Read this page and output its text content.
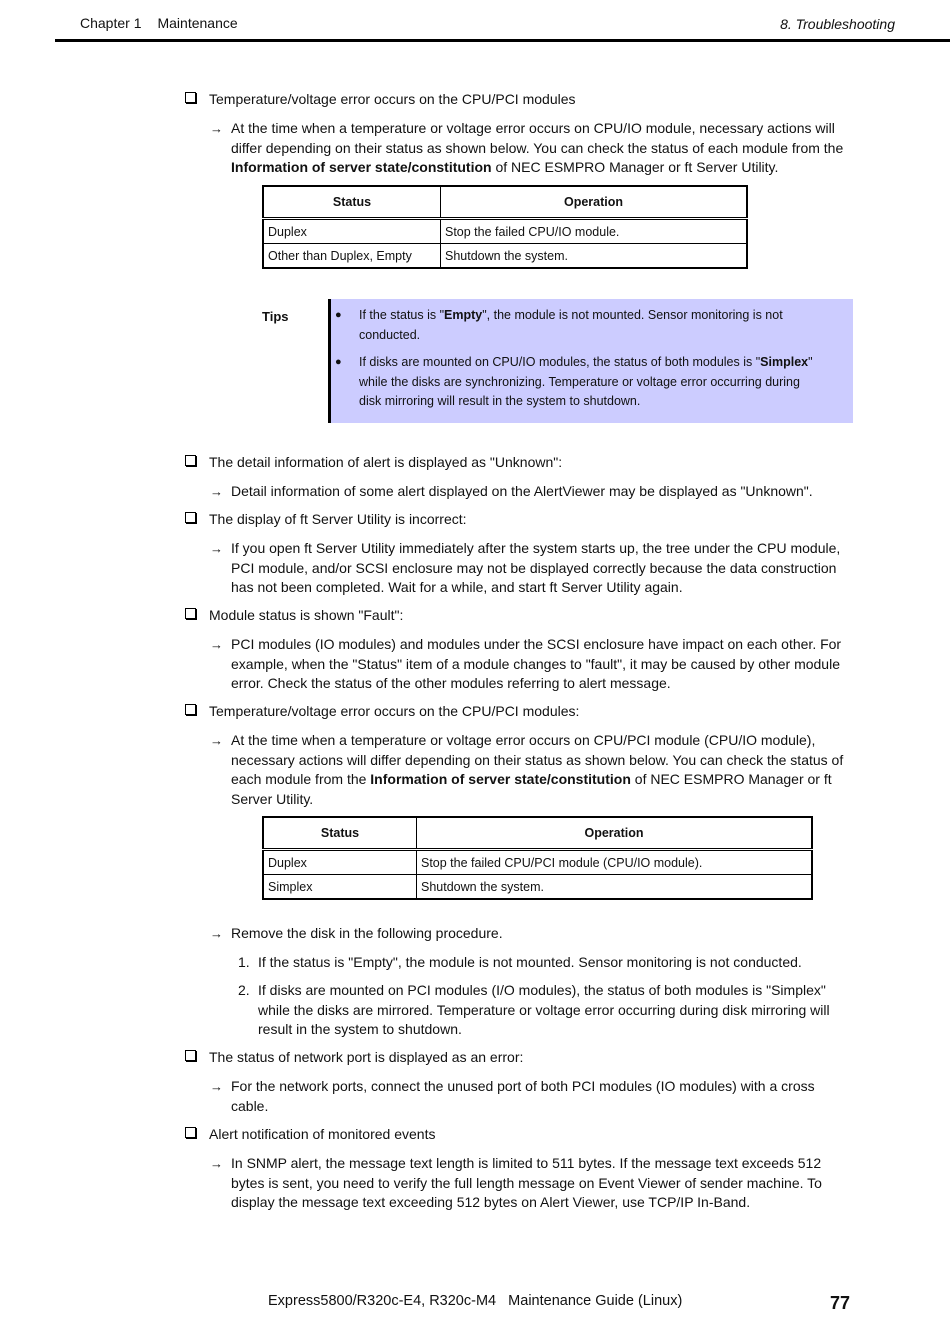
Chapter 1 Maintenance	8. Troubleshooting
Temperature/voltage error occurs on the CPU/PCI modules
→ At the time when a temperature or voltage error occurs on CPU/IO module, necessary actions will differ depending on their status as shown below. You can check the status of each module from the Information of server state/constitution of NEC ESMPRO Manager or ft Server Utility.
Status	Operation
Duplex	Stop the failed CPU/IO module.
Other than Duplex, Empty	Shutdown the system.
Tips	● If the status is "Empty", the module is not mounted. Sensor monitoring is not conducted.
● If disks are mounted on CPU/IO modules, the status of both modules is "Simplex" while the disks are synchronizing. Temperature or voltage error occurring during disk mirroring will result in the system to shutdown.
The detail information of alert is displayed as "Unknown":
→ Detail information of some alert displayed on the AlertViewer may be displayed as "Unknown".
The display of ft Server Utility is incorrect:
→ If you open ft Server Utility immediately after the system starts up, the tree under the CPU module, PCI module, and/or SCSI enclosure may not be displayed correctly because the data construction has not been completed. Wait for a while, and start ft Server Utility again.
Module status is shown "Fault":
→ PCI modules (IO modules) and modules under the SCSI enclosure have impact on each other. For example, when the "Status" item of a module changes to "fault", it may be caused by other module error. Check the status of the other modules referring to alert message.
Temperature/voltage error occurs on the CPU/PCI modules:
→ At the time when a temperature or voltage error occurs on CPU/PCI module (CPU/IO module), necessary actions will differ depending on their status as shown below. You can check the status of each module from the Information of server state/constitution of NEC ESMPRO Manager or ft Server Utility.
Status	Operation
Duplex	Stop the failed CPU/PCI module (CPU/IO module).
Simplex	Shutdown the system.
→ Remove the disk in the following procedure.
1. If the status is "Empty", the module is not mounted. Sensor monitoring is not conducted.
2. If disks are mounted on PCI modules (I/O modules), the status of both modules is "Simplex" while the disks are mirrored. Temperature or voltage error occurring during disk mirroring will result in the system to shutdown.
The status of network port is displayed as an error:
→ For the network ports, connect the unused port of both PCI modules (IO modules) with a cross cable.
Alert notification of monitored events
→ In SNMP alert, the message text length is limited to 511 bytes. If the message text exceeds 512 bytes is sent, you need to verify the full length message on Event Viewer of sender machine. To display the message text exceeding 512 bytes on Alert Viewer, use TCP/IP In-Band.
Express5800/R320c-E4, R320c-M4   Maintenance Guide (Linux)	77
